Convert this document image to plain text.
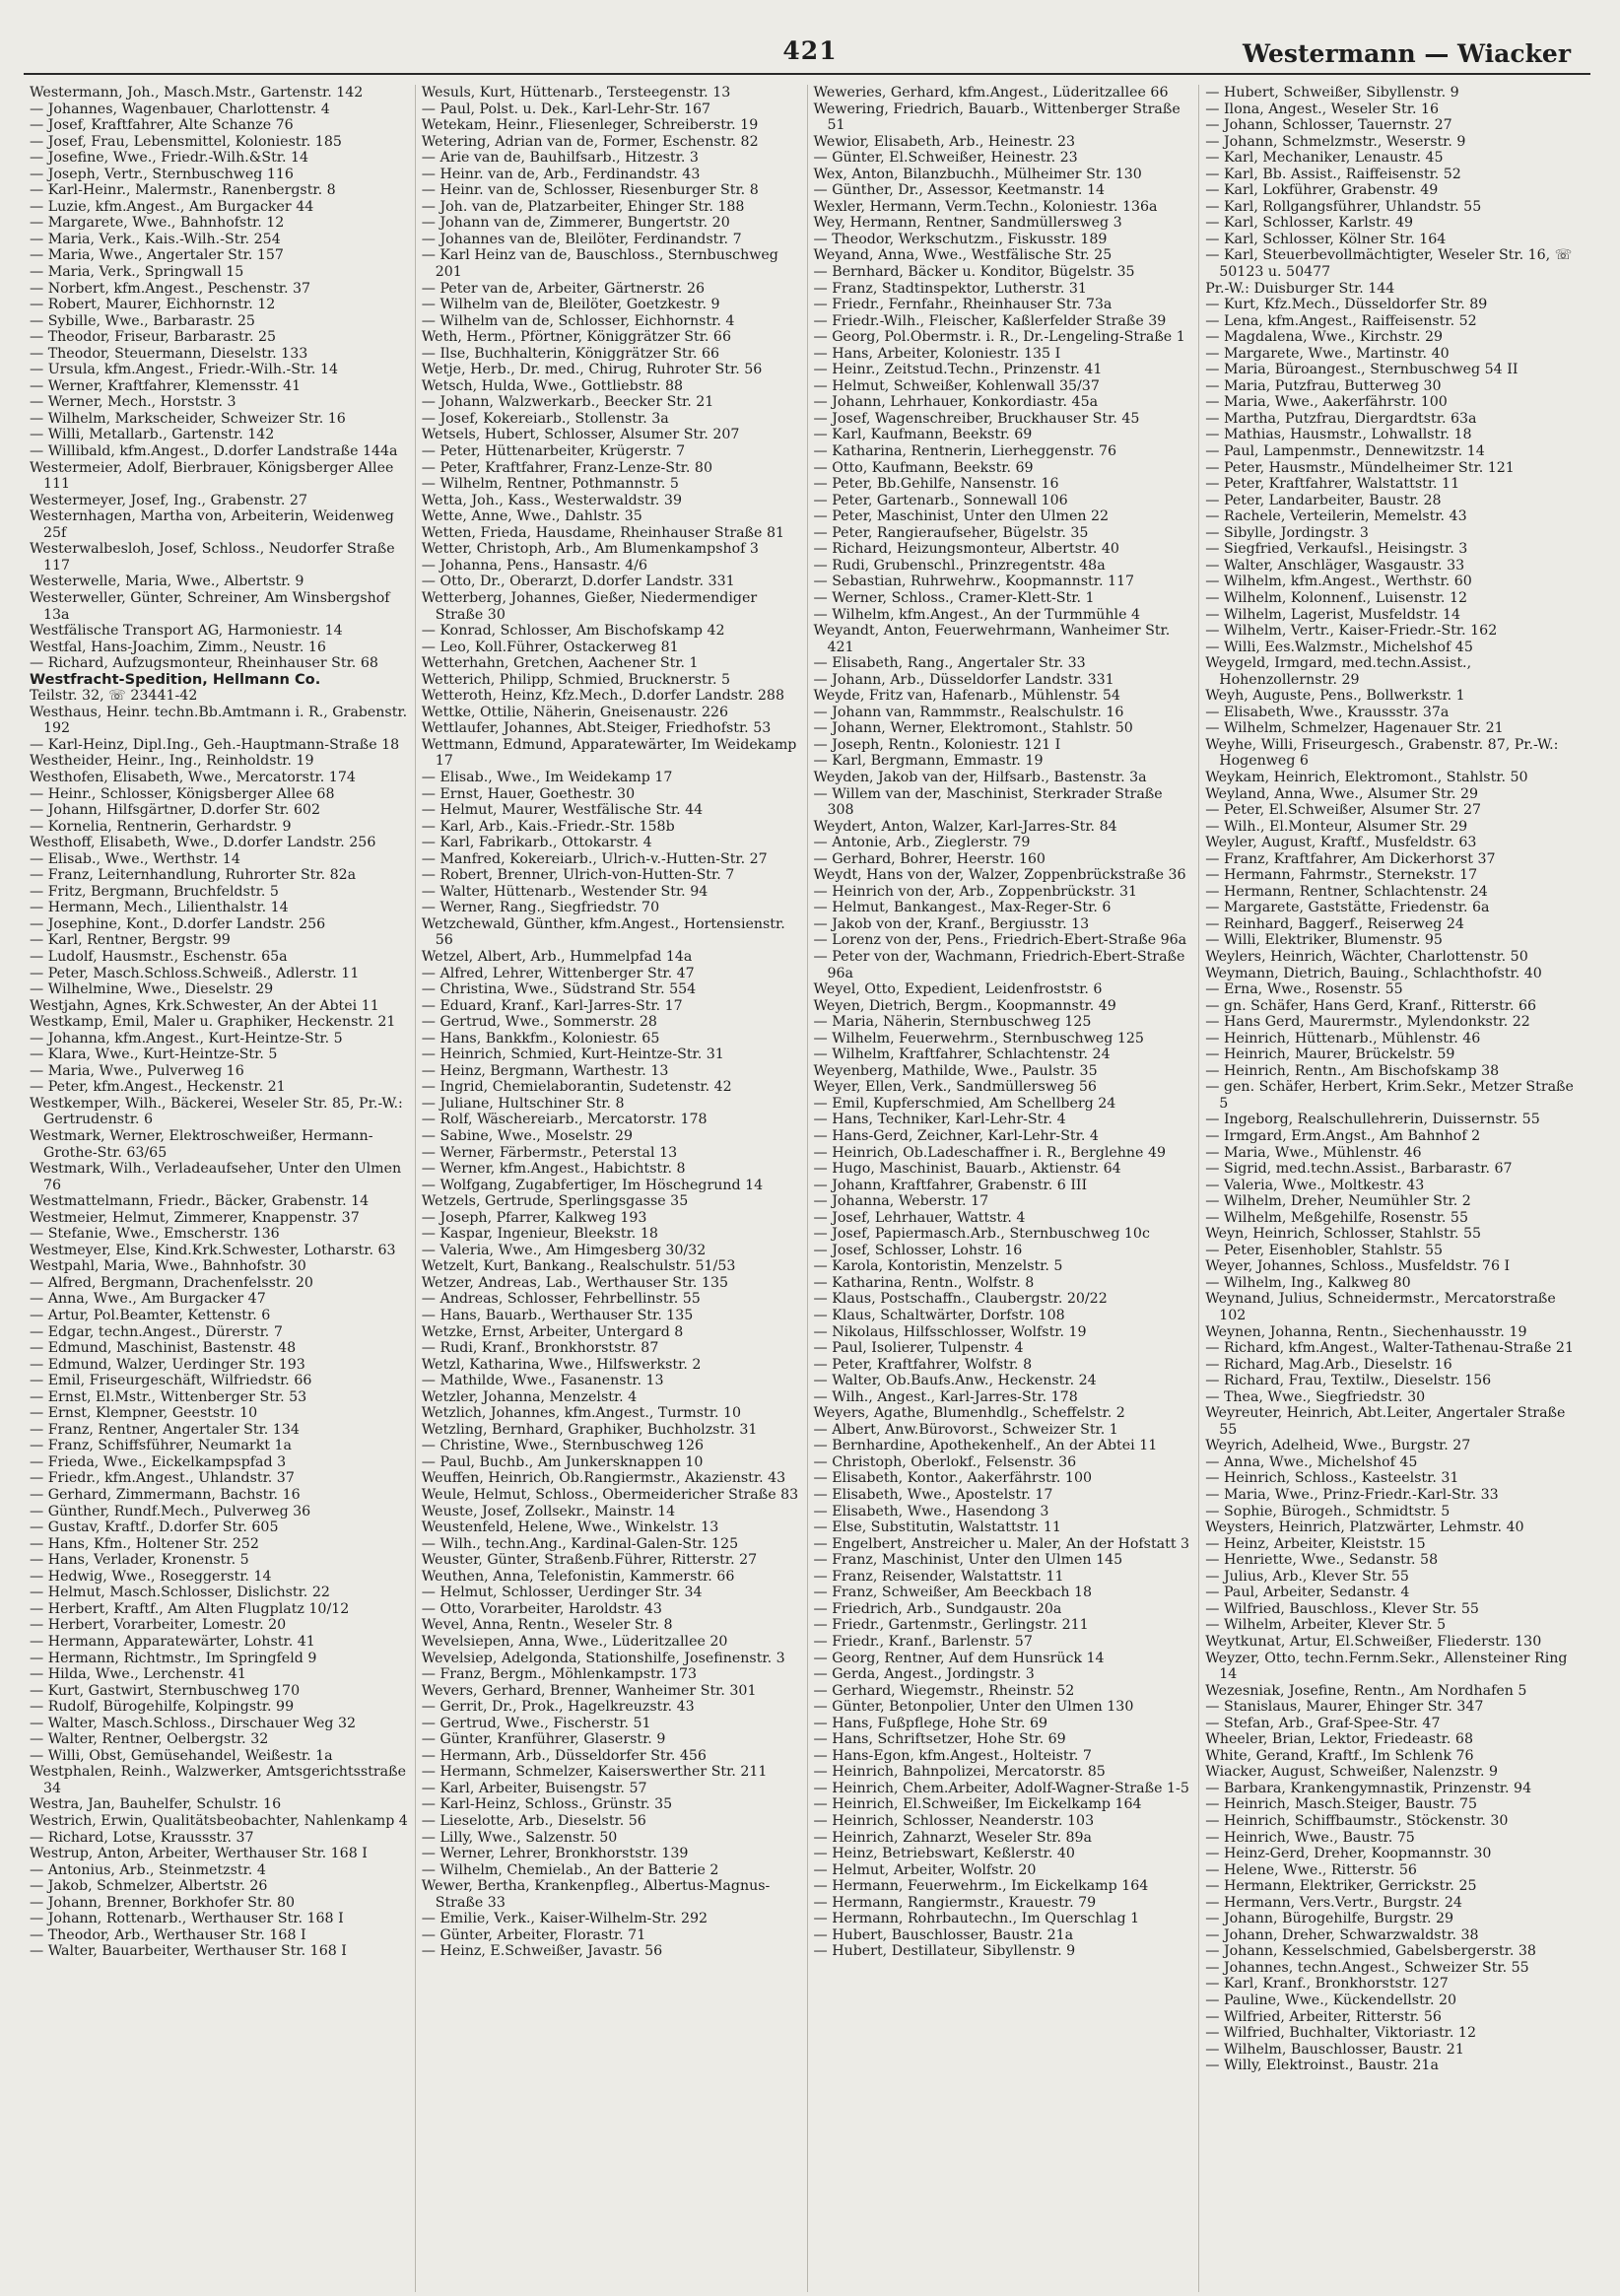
421	Westermann — Wiacker
Westermann, Joh., Masch.Mstr., Gartenstr. 142
— Johannes, Wagenbauer, Charlottenstr. 4
— Josef, Kraftfahrer, Alte Schanze 76
— Josef, Frau, Lebensmittel, Koloniestr. 185
— Josefine, Wwe., Friedr.-Wilh.&Str. 14
— Joseph, Vertr., Sternbuschweg 116
— Karl-Heinr., Malermstr., Ranenbergstr. 8
— Luzie, kfm.Angest., Am Burgacker 44
— Margarete, Wwe., Bahnhofstr. 12
— Maria, Verk., Kais.-Wilh.-Str. 254
— Maria, Wwe., Angertaler Str. 157
— Maria, Verk., Springwall 15
— Norbert, kfm.Angest., Peschenstr. 37
— Robert, Maurer, Eichhornstr. 12
— Sybille, Wwe., Barbarastr. 25
— Theodor, Friseur, Barbarastr. 25
— Theodor, Steuermann, Dieselstr. 133
— Ursula, kfm.Angest., Friedr.-Wilh.-Str. 14
— Werner, Kraftfahrer, Klemensstr. 41
— Werner, Mech., Horststr. 3
— Wilhelm, Markscheider, Schweizer Str. 16
— Willi, Metallarb., Gartenstr. 142
— Willibald, kfm.Angest., D.dorfer Landstraße 144a
Westermeier, Adolf, Bierbrauer, Königsberger Allee 111
Westermeyer, Josef, Ing., Grabenstr. 27
Westernhagen, Martha von, Arbeiterin, Weidenweg 25f
Westerwalbesloh, Josef, Schloss., Neudorfer Straße 117
Westerwelle, Maria, Wwe., Albertstr. 9
Westerweller, Günter, Schreiner, Am Winsbergshof 13a
Westfälische Transport AG, Harmoniestr. 14
Westfal, Hans-Joachim, Zimm., Neustr. 16
— Richard, Aufzugsmonteur, Rheinhauser Str. 68
Westfracht-Spedition, Hellmann Co.
Teilstr. 32, ☏ 23441-42
Westhaus, Heinr. techn.Bb.Amtmann i. R., Grabenstr. 192
— Karl-Heinz, Dipl.Ing., Geh.-Hauptmann-Straße 18
Westheider, Heinr., Ing., Reinholdstr. 19
Westhofen, Elisabeth, Wwe., Mercatorstr. 174
— Heinr., Schlosser, Königsberger Allee 68
— Johann, Hilfsgärtner, D.dorfer Str. 602
— Kornelia, Rentnerin, Gerhardstr. 9
Westhoff, Elisabeth, Wwe., D.dorfer Landstr. 256
— Elisab., Wwe., Werthstr. 14
— Franz, Leiternhandlung, Ruhrorter Str. 82a
— Fritz, Bergmann, Bruchfeldstr. 5
— Hermann, Mech., Lilienthalstr. 14
— Josephine, Kont., D.dorfer Landstr. 256
— Karl, Rentner, Bergstr. 99
— Ludolf, Hausmstr., Eschenstr. 65a
— Peter, Masch.Schloss.Schweiß., Adlerstr. 11
— Wilhelmine, Wwe., Dieselstr. 29
Westjahn, Agnes, Krk.Schwester, An der Abtei 11
Westkamp, Emil, Maler u. Graphiker, Heckenstr. 21
— Johanna, kfm.Angest., Kurt-Heintze-Str. 5
— Klara, Wwe., Kurt-Heintze-Str. 5
— Maria, Wwe., Pulverweg 16
— Peter, kfm.Angest., Heckenstr. 21
Westkemper, Wilh., Bäckerei, Weseler Str. 85, Pr.-W.: Gertrudenstr. 6
Westmark, Werner, Elektroschweißer, Hermann-Grothe-Str. 63/65
Westmark, Wilh., Verladeaufseher, Unter den Ulmen 76
Westmattelmann, Friedr., Bäcker, Grabenstr. 14
Westmeier, Helmut, Zimmerer, Knappenstr. 37
— Stefanie, Wwe., Emscherstr. 136
Westmeyer, Else, Kind.Krk.Schwester, Lotharstr. 63
Westpahl, Maria, Wwe., Bahnhofstr. 30
— Alfred, Bergmann, Drachenfelsstr. 20
— Anna, Wwe., Am Burgacker 47
— Artur, Pol.Beamter, Kettenstr. 6
— Edgar, techn.Angest., Dürerstr. 7
— Edmund, Maschinist, Bastenstr. 48
— Edmund, Walzer, Uerdinger Str. 193
— Emil, Friseurgeschäft, Wilfriedstr. 66
— Ernst, El.Mstr., Wittenberger Str. 53
— Ernst, Klempner, Geeststr. 10
— Franz, Rentner, Angertaler Str. 134
— Franz, Schiffsführer, Neumarkt 1a
— Frieda, Wwe., Eickelkampspfad 3
— Friedr., kfm.Angest., Uhlandstr. 37
— Gerhard, Zimmermann, Bachstr. 16
— Günther, Rundf.Mech., Pulverweg 36
— Gustav, Kraftf., D.dorfer Str. 605
— Hans, Kfm., Holtener Str. 252
— Hans, Verlader, Kronenstr. 5
— Hedwig, Wwe., Roseggerstr. 14
— Helmut, Masch.Schlosser, Dislichstr. 22
— Herbert, Kraftf., Am Alten Flugplatz 10/12
— Herbert, Vorarbeiter, Lomestr. 20
— Hermann, Apparatewärter, Lohstr. 41
— Hermann, Richtmstr., Im Springfeld 9
— Hilda, Wwe., Lerchenstr. 41
— Kurt, Gastwirt, Sternbuschweg 170
— Rudolf, Bürogehilfe, Kolpingstr. 99
— Walter, Masch.Schloss., Dirschauer Weg 32
— Walter, Rentner, Oelbergstr. 32
— Willi, Obst, Gemüsehandel, Weißestr. 1a
Westphalen, Reinh., Walzwerker, Amtsgerichtsstraße 34
Westra, Jan, Bauhelfer, Schulstr. 16
Westrich, Erwin, Qualitätsbeobachter, Nahlenkamp 4
— Richard, Lotse, Kraussstr. 37
Westrup, Anton, Arbeiter, Werthauser Str. 168 I
— Antonius, Arb., Steinmetzstr. 4
— Jakob, Schmelzer, Albertstr. 26
— Johann, Brenner, Borkhofer Str. 80
— Johann, Rottenarb., Werthauser Str. 168 I
— Theodor, Arb., Werthauser Str. 168 I
— Walter, Bauarbeiter, Werthauser Str. 168 I
Wesuls, Kurt, Hüttenarb., Tersteegenstr. 13
— Paul, Polst. u. Dek., Karl-Lehr-Str. 167
Wetekam, Heinr., Fliesenleger, Schreiberstr. 19
Wetering, Adrian van de, Former, Eschenstr. 82
— Arie van de, Bauhilfsarb., Hitzestr. 3
— Heinr. van de, Arb., Ferdinandstr. 43
— Heinr. van de, Schlosser, Riesenburger Str. 8
— Joh. van de, Platzarbeiter, Ehinger Str. 188
— Johann van de, Zimmerer, Bungertstr. 20
— Johannes van de, Bleilöter, Ferdinandstr. 7
— Karl Heinz van de, Bauschloss., Sternbuschweg 201
— Peter van de, Arbeiter, Gärtnerstr. 26
— Wilhelm van de, Bleilöter, Goetzkestr. 9
— Wilhelm van de, Schlosser, Eichhornstr. 4
Weth, Herm., Pförtner, Königgrätzer Str. 66
— Ilse, Buchhalterin, Königgrätzer Str. 66
Wetje, Herb., Dr. med., Chirug, Ruhroter Str. 56
Wetsch, Hulda, Wwe., Gottliebstr. 88
— Johann, Walzwerkarb., Beecker Str. 21
— Josef, Kokereiarb., Stollenstr. 3a
Wetsels, Hubert, Schlosser, Alsumer Str. 207
— Peter, Hüttenarbeiter, Krügerstr. 7
— Peter, Kraftfahrer, Franz-Lenze-Str. 80
— Wilhelm, Rentner, Pothmannstr. 5
Wetta, Joh., Kass., Westerwaldstr. 39
Wette, Anne, Wwe., Dahlstr. 35
Wetten, Frieda, Hausdame, Rheinhauser Straße 81
Wetter, Christoph, Arb., Am Blumenkampshof 3
— Johanna, Pens., Hansastr. 4/6
— Otto, Dr., Oberarzt, D.dorfer Landstr. 331
Wetterberg, Johannes, Gießer, Niedermendiger Straße 30
— Konrad, Schlosser, Am Bischofskamp 42
— Leo, Koll.Führer, Ostackerweg 81
Wetterhahn, Gretchen, Aachener Str. 1
Wetterich, Philipp, Schmied, Brucknerstr. 5
Wetteroth, Heinz, Kfz.Mech., D.dorfer Landstr. 288
Wettke, Ottilie, Näherin, Gneisenaustr. 226
Wettlaufer, Johannes, Abt.Steiger, Friedhofstr. 53
Wettmann, Edmund, Apparatewärter, Im Weidekamp 17
— Elisab., Wwe., Im Weidekamp 17
— Ernst, Hauer, Goethestr. 30
— Helmut, Maurer, Westfälische Str. 44
— Karl, Arb., Kais.-Friedr.-Str. 158b
— Karl, Fabrikarb., Ottokarstr. 4
— Manfred, Kokereiarb., Ulrich-v.-Hutten-Str. 27
— Robert, Brenner, Ulrich-von-Hutten-Str. 7
— Walter, Hüttenarb., Westender Str. 94
— Werner, Rang., Siegfriedstr. 70
Wetzchewald, Günther, kfm.Angest., Hortensienstr. 56
Wetzel, Albert, Arb., Hummelpfad 14a
— Alfred, Lehrer, Wittenberger Str. 47
— Christina, Wwe., Südstrand Str. 554
— Eduard, Kranf., Karl-Jarres-Str. 17
— Gertrud, Wwe., Sommerstr. 28
— Hans, Bankkfm., Koloniestr. 65
— Heinrich, Schmied, Kurt-Heintze-Str. 31
— Heinz, Bergmann, Warthestr. 13
— Ingrid, Chemielaborantin, Sudetenstr. 42
— Juliane, Hultschiner Str. 8
— Rolf, Wäschereiarb., Mercatorstr. 178
— Sabine, Wwe., Moselstr. 29
— Werner, Färbermstr., Peterstal 13
— Werner, kfm.Angest., Habichtstr. 8
— Wolfgang, Zugabfertiger, Im Höschegrund 14
Wetzels, Gertrude, Sperlingsgasse 35
— Joseph, Pfarrer, Kalkweg 193
— Kaspar, Ingenieur, Bleekstr. 18
— Valeria, Wwe., Am Himgesberg 30/32
Wetzelt, Kurt, Bankang., Realschulstr. 51/53
Wetzer, Andreas, Lab., Werthauser Str. 135
— Andreas, Schlosser, Fehrbellinstr. 55
— Hans, Bauarb., Werthauser Str. 135
Wetzke, Ernst, Arbeiter, Untergard 8
— Rudi, Kranf., Bronkhorststr. 87
Wetzl, Katharina, Wwe., Hilfswerkstr. 2
— Mathilde, Wwe., Fasanenstr. 13
Wetzler, Johanna, Menzelstr. 4
Wetzlich, Johannes, kfm.Angest., Turmstr. 10
Wetzling, Bernhard, Graphiker, Buchholzstr. 31
— Christine, Wwe., Sternbuschweg 126
— Paul, Buchb., Am Junkersknappen 10
Weuffen, Heinrich, Ob.Rangiermstr., Akazienstr. 43
Weule, Helmut, Schloss., Obermeidericher Straße 83
Weuste, Josef, Zollsekr., Mainstr. 14
Weustenfeld, Helene, Wwe., Winkelstr. 13
— Wilh., techn.Ang., Kardinal-Galen-Str. 125
Weuster, Günter, Straßenb.Führer, Ritterstr. 27
Weuthen, Anna, Telefonistin, Kammerstr. 66
— Helmut, Schlosser, Uerdinger Str. 34
— Otto, Vorarbeiter, Haroldstr. 43
Wevel, Anna, Rentn., Weseler Str. 8
Wevelsiepen, Anna, Wwe., Lüderitzallee 20
Wevelsiep, Adelgonda, Stationshilfe, Josefinenstr. 3
— Franz, Bergm., Möhlenkampstr. 173
Wevers, Gerhard, Brenner, Wanheimer Str. 301
— Gerrit, Dr., Prok., Hagelkreuzstr. 43
— Gertrud, Wwe., Fischerstr. 51
— Günter, Kranführer, Glaserstr. 9
— Hermann, Arb., Düsseldorfer Str. 456
— Hermann, Schmelzer, Kaiserswerther Str. 211
— Karl, Arbeiter, Buisengstr. 57
— Karl-Heinz, Schloss., Grünstr. 35
— Lieselotte, Arb., Dieselstr. 56
— Lilly, Wwe., Salzenstr. 50
— Werner, Lehrer, Bronkhorststr. 139
— Wilhelm, Chemielab., An der Batterie 2
Wewer, Bertha, Krankenpfleg., Albertus-Magnus-Straße 33
— Emilie, Verk., Kaiser-Wilhelm-Str. 292
— Günter, Arbeiter, Florastr. 71
— Heinz, E.Schweißer, Javastr. 56
Weweries, Gerhard, kfm.Angest., Lüderitzallee 66
Wewering, Friedrich, Bauarb., Wittenberger Straße 51
Wewior, Elisabeth, Arb., Heinestr. 23
— Günter, El.Schweißer, Heinestr. 23
Wex, Anton, Bilanzbuchh., Mülheimer Str. 130
— Günther, Dr., Assessor, Keetmanstr. 14
Wexler, Hermann, Verm.Techn., Koloniestr. 136a
Wey, Hermann, Rentner, Sandmüllersweg 3
— Theodor, Werkschutzm., Fiskusstr. 189
Weyand, Anna, Wwe., Westfälische Str. 25
— Bernhard, Bäcker u. Konditor, Bügelstr. 35
— Franz, Stadtinspektor, Lutherstr. 31
— Friedr., Fernfahr., Rheinhauser Str. 73a
— Friedr.-Wilh., Fleischer, Kaßlerfelder Straße 39
— Georg, Pol.Obermstr. i. R., Dr.-Lengeling-Straße 1
— Hans, Arbeiter, Koloniestr. 135 I
— Heinr., Zeitstud.Techn., Prinzenstr. 41
— Helmut, Schweißer, Kohlenwall 35/37
— Johann, Lehrhauer, Konkordiastr. 45a
— Josef, Wagenschreiber, Bruckhauser Str. 45
— Karl, Kaufmann, Beekstr. 69
— Katharina, Rentnerin, Lierheggenstr. 76
— Otto, Kaufmann, Beekstr. 69
— Peter, Bb.Gehilfe, Nansenstr. 16
— Peter, Gartenarb., Sonnewall 106
— Peter, Maschinist, Unter den Ulmen 22
— Peter, Rangieraufseher, Bügelstr. 35
— Richard, Heizungsmonteur, Albertstr. 40
— Rudi, Grubenschl., Prinzregentstr. 48a
— Sebastian, Ruhrwehrw., Koopmannstr. 117
— Werner, Schloss., Cramer-Klett-Str. 1
— Wilhelm, kfm.Angest., An der Turmmühle 4
Weyandt, Anton, Feuerwehrmann, Wanheimer Str. 421
— Elisabeth, Rang., Angertaler Str. 33
— Johann, Arb., Düsseldorfer Landstr. 331
Weyde, Fritz van, Hafenarb., Mühlenstr. 54
— Johann van, Rammmstr., Realschulstr. 16
— Johann, Werner, Elektromont., Stahlstr. 50
— Joseph, Rentn., Koloniestr. 121 I
— Karl, Bergmann, Emmastr. 19
Weyden, Jakob van der, Hilfsarb., Bastenstr. 3a
— Willem van der, Maschinist, Sterkrader Straße 308
Weydert, Anton, Walzer, Karl-Jarres-Str. 84
— Antonie, Arb., Zieglerstr. 79
— Gerhard, Bohrer, Heerstr. 160
Weydt, Hans von der, Walzer, Zoppenbrückstraße 36
— Heinrich von der, Arb., Zoppenbrückstr. 31
— Helmut, Bankangest., Max-Reger-Str. 6
— Jakob von der, Kranf., Bergiusstr. 13
— Lorenz von der, Pens., Friedrich-Ebert-Straße 96a
— Peter von der, Wachmann, Friedrich-Ebert-Straße 96a
Weyel, Otto, Expedient, Leidenfroststr. 6
Weyen, Dietrich, Bergm., Koopmannstr. 49
— Maria, Näherin, Sternbuschweg 125
— Wilhelm, Feuerwehrm., Sternbuschweg 125
— Wilhelm, Kraftfahrer, Schlachtenstr. 24
Weyenberg, Mathilde, Wwe., Paulstr. 35
Weyer, Ellen, Verk., Sandmüllersweg 56
— Emil, Kupferschmied, Am Schellberg 24
— Hans, Techniker, Karl-Lehr-Str. 4
— Hans-Gerd, Zeichner, Karl-Lehr-Str. 4
— Heinrich, Ob.Ladeschaffner i. R., Berglehne 49
— Hugo, Maschinist, Bauarb., Aktienstr. 64
— Johann, Kraftfahrer, Grabenstr. 6 III
— Johanna, Weberstr. 17
— Josef, Lehrhauer, Wattstr. 4
— Josef, Papiermasch.Arb., Sternbuschweg 10c
— Josef, Schlosser, Lohstr. 16
— Karola, Kontoristin, Menzelstr. 5
— Katharina, Rentn., Wolfstr. 8
— Klaus, Postschaffn., Claubergstr. 20/22
— Klaus, Schaltwärter, Dorfstr. 108
— Nikolaus, Hilfsschlosser, Wolfstr. 19
— Paul, Isolierer, Tulpenstr. 4
— Peter, Kraftfahrer, Wolfstr. 8
— Walter, Ob.Baufs.Anw., Heckenstr. 24
— Wilh., Angest., Karl-Jarres-Str. 178
Weyers, Agathe, Blumenhdlg., Scheffelstr. 2
— Albert, Anw.Bürovorst., Schweizer Str. 1
— Bernhardine, Apothekenhelf., An der Abtei 11
— Christoph, Oberlokf., Felsenstr. 36
— Elisabeth, Kontor., Aakerfährstr. 100
— Elisabeth, Wwe., Apostelstr. 17
— Elisabeth, Wwe., Hasendong 3
— Else, Substitutin, Walstattstr. 11
— Engelbert, Anstreicher u. Maler, An der Hofstatt 3
— Franz, Maschinist, Unter den Ulmen 145
— Franz, Reisender, Walstattstr. 11
— Franz, Schweißer, Am Beeckbach 18
— Friedrich, Arb., Sundgaustr. 20a
— Friedr., Gartenmstr., Gerlingstr. 211
— Friedr., Kranf., Barlenstr. 57
— Georg, Rentner, Auf dem Hunsrück 14
— Gerda, Angest., Jordingstr. 3
— Gerhard, Wiegemstr., Rheinstr. 52
— Günter, Betonpolier, Unter den Ulmen 130
— Hans, Fußpflege, Hohe Str. 69
— Hans, Schriftsetzer, Hohe Str. 69
— Hans-Egon, kfm.Angest., Holteistr. 7
— Heinrich, Bahnpolizei, Mercatorstr. 85
— Heinrich, Chem.Arbeiter, Adolf-Wagner-Straße 1-5
— Heinrich, El.Schweißer, Im Eickelkamp 164
— Heinrich, Schlosser, Neanderstr. 103
— Heinrich, Zahnarzt, Weseler Str. 89a
— Heinz, Betriebswart, Keßlerstr. 40
— Helmut, Arbeiter, Wolfstr. 20
— Hermann, Feuerwehrm., Im Eickelkamp 164
— Hermann, Rangiermstr., Krauestr. 79
— Hermann, Rohrbautechn., Im Querschlag 1
— Hubert, Bauschlosser, Baustr. 21a
— Hubert, Destillateur, Sibyllenstr. 9
— Hubert, Schweißer, Sibyllenstr. 9
— Ilona, Angest., Weseler Str. 16
— Johann, Schlosser, Tauernstr. 27
— Johann, Schmelzmstr., Weserstr. 9
— Karl, Mechaniker, Lenaustr. 45
— Karl, Bb. Assist., Raiffeisenstr. 52
— Karl, Lokführer, Grabenstr. 49
— Karl, Rollgangsführer, Uhlandstr. 55
— Karl, Schlosser, Karlstr. 49
— Karl, Schlosser, Kölner Str. 164
— Karl, Steuerbevollmächtigter, Weseler Str. 16, ☏ 50123 u. 50477
Pr.-W.: Duisburger Str. 144
— Kurt, Kfz.Mech., Düsseldorfer Str. 89
— Lena, kfm.Angest., Raiffeisenstr. 52
— Magdalena, Wwe., Kirchstr. 29
— Margarete, Wwe., Martinstr. 40
— Maria, Büroangest., Sternbuschweg 54 II
— Maria, Putzfrau, Butterweg 30
— Maria, Wwe., Aakerfährstr. 100
— Martha, Putzfrau, Diergardtstr. 63a
— Mathias, Hausmstr., Lohwallstr. 18
— Paul, Lampenmstr., Dennewitzstr. 14
— Peter, Hausmstr., Mündelheimer Str. 121
— Peter, Kraftfahrer, Walstattstr. 11
— Peter, Landarbeiter, Baustr. 28
— Rachele, Verteilerin, Memelstr. 43
— Sibylle, Jordingstr. 3
— Siegfried, Verkaufsl., Heisingstr. 3
— Walter, Anschläger, Wasgaustr. 33
— Wilhelm, kfm.Angest., Werthstr. 60
— Wilhelm, Kolonnenf., Luisenstr. 12
— Wilhelm, Lagerist, Musfeldstr. 14
— Wilhelm, Vertr., Kaiser-Friedr.-Str. 162
— Willi, Ees.Walzmstr., Michelshof 45
Weygeld, Irmgard, med.techn.Assist., Hohenzollernstr. 29
Weyh, Auguste, Pens., Bollwerkstr. 1
— Elisabeth, Wwe., Kraussstr. 37a
— Wilhelm, Schmelzer, Hagenauer Str. 21
Weyhe, Willi, Friseurgesch., Grabenstr. 87, Pr.-W.: Hogenweg 6
Weykam, Heinrich, Elektromont., Stahlstr. 50
Weyland, Anna, Wwe., Alsumer Str. 29
— Peter, El.Schweißer, Alsumer Str. 27
— Wilh., El.Monteur, Alsumer Str. 29
Weyler, August, Kraftf., Musfeldstr. 63
— Franz, Kraftfahrer, Am Dickerhorst 37
— Hermann, Fahrmstr., Sternekstr. 17
— Hermann, Rentner, Schlachtenstr. 24
— Margarete, Gaststätte, Friedenstr. 6a
— Reinhard, Baggerf., Reiserweg 24
— Willi, Elektriker, Blumenstr. 95
Weylers, Heinrich, Wächter, Charlottenstr. 50
Weymann, Dietrich, Bauing., Schlachthofstr. 40
— Erna, Wwe., Rosenstr. 55
— gn. Schäfer, Hans Gerd, Kranf., Ritterstr. 66
— Hans Gerd, Maurermstr., Mylendonkstr. 22
— Heinrich, Hüttenarb., Mühlenstr. 46
— Heinrich, Maurer, Brückelstr. 59
— Heinrich, Rentn., Am Bischofskamp 38
— gen. Schäfer, Herbert, Krim.Sekr., Metzer Straße 5
— Ingeborg, Realschullehrerin, Duissernstr. 55
— Irmgard, Erm.Angst., Am Bahnhof 2
— Maria, Wwe., Mühlenstr. 46
— Sigrid, med.techn.Assist., Barbarastr. 67
— Valeria, Wwe., Moltkestr. 43
— Wilhelm, Dreher, Neumühler Str. 2
— Wilhelm, Meßgehilfe, Rosenstr. 55
Weyn, Heinrich, Schlosser, Stahlstr. 55
— Peter, Eisenhobler, Stahlstr. 55
Weyer, Johannes, Schloss., Musfeldstr. 76 I
— Wilhelm, Ing., Kalkweg 80
Weynand, Julius, Schneidermstr., Mercatorstraße 102
Weynen, Johanna, Rentn., Siechenhausstr. 19
— Richard, kfm.Angest., Walter-Tathenau-Straße 21
— Richard, Mag.Arb., Dieselstr. 16
— Richard, Frau, Textilw., Dieselstr. 156
— Thea, Wwe., Siegfriedstr. 30
Weyreuter, Heinrich, Abt.Leiter, Angertaler Straße 55
Weyrich, Adelheid, Wwe., Burgstr. 27
— Anna, Wwe., Michelshof 45
— Heinrich, Schloss., Kasteelstr. 31
— Maria, Wwe., Prinz-Friedr.-Karl-Str. 33
— Sophie, Bürogeh., Schmidtstr. 5
Weysters, Heinrich, Platzwärter, Lehmstr. 40
— Heinz, Arbeiter, Kleiststr. 15
— Henriette, Wwe., Sedanstr. 58
— Julius, Arb., Klever Str. 55
— Paul, Arbeiter, Sedanstr. 4
— Wilfried, Bauschloss., Klever Str. 55
— Wilhelm, Arbeiter, Klever Str. 5
Weytkunat, Artur, El.Schweißer, Fliederstr. 130
Weyzer, Otto, techn.Fernm.Sekr., Allensteiner Ring 14
Wezesniak, Josefine, Rentn., Am Nordhafen 5
— Stanislaus, Maurer, Ehinger Str. 347
— Stefan, Arb., Graf-Spee-Str. 47
Wheeler, Brian, Lektor, Friedeastr. 68
White, Gerand, Kraftf., Im Schlenk 76
Wiacker, August, Schweißer, Nalenzstr. 9
— Barbara, Krankengymnastik, Prinzenstr. 94
— Heinrich, Masch.Steiger, Baustr. 75
— Heinrich, Schiffbaumstr., Stöckenstr. 30
— Heinrich, Wwe., Baustr. 75
— Heinz-Gerd, Dreher, Koopmannstr. 30
— Helene, Wwe., Ritterstr. 56
— Hermann, Elektriker, Gerrickstr. 25
— Hermann, Vers.Vertr., Burgstr. 24
— Johann, Bürogehilfe, Burgstr. 29
— Johann, Dreher, Schwarzwaldstr. 38
— Johann, Kesselschmied, Gabelsbergerstr. 38
— Johannes, techn.Angest., Schweizer Str. 55
— Karl, Kranf., Bronkhorststr. 127
— Pauline, Wwe., Kückendellstr. 20
— Wilfried, Arbeiter, Ritterstr. 56
— Wilfried, Buchhalter, Viktoriastr. 12
— Wilhelm, Bauschlosser, Baustr. 21
— Willy, Elektroinst., Baustr. 21a
